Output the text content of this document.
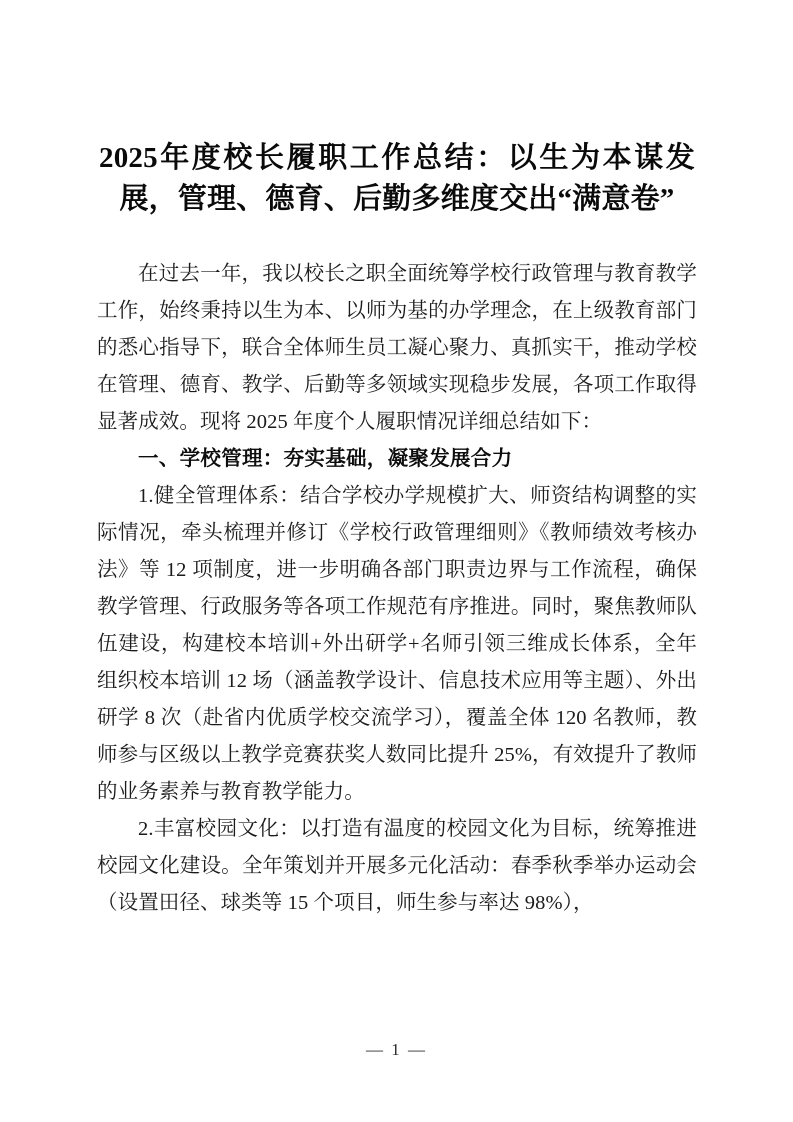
2025年度校长履职工作总结：以生为本谋发展，管理、德育、后勤多维度交出“满意卷”

在过去一年，我以校长之职全面统筹学校行政管理与教育教学工作，始终秉持以生为本、以师为基的办学理念，在上级教育部门的悉心指导下，联合全体师生员工凝心聚力、真抓实干，推动学校在管理、德育、教学、后勤等多领域实现稳步发展，各项工作取得显著成效。现将 2025 年度个人履职情况详细总结如下：

一、学校管理：夯实基础，凝聚发展合力

1.健全管理体系：结合学校办学规模扩大、师资结构调整的实际情况，牵头梳理并修订《学校行政管理细则》《教师绩效考核办法》等 12 项制度，进一步明确各部门职责边界与工作流程，确保教学管理、行政服务等各项工作规范有序推进。同时，聚焦教师队伍建设，构建校本培训+外出研学+名师引领三维成长体系，全年组织校本培训 12 场（涵盖教学设计、信息技术应用等主题）、外出研学 8 次（赴省内优质学校交流学习），覆盖全体 120 名教师，教师参与区级以上教学竞赛获奖人数同比提升 25%，有效提升了教师的业务素养与教育教学能力。

2.丰富校园文化：以打造有温度的校园文化为目标，统筹推进校园文化建设。全年策划并开展多元化活动：春季秋季举办运动会（设置田径、球类等 15 个项目，师生参与率达 98%），

— 1 —
